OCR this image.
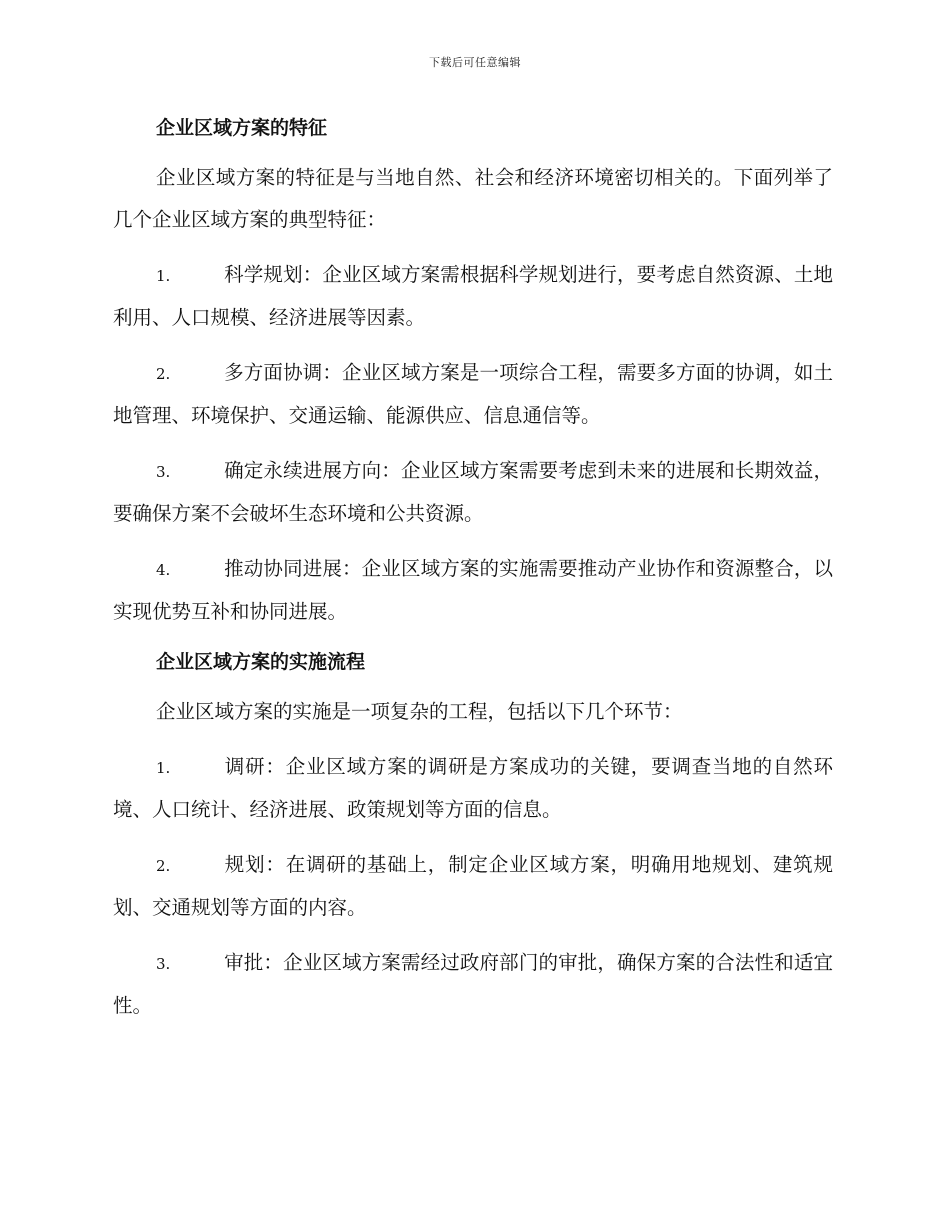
下载后可任意编辑
企业区域方案的特征

企业区域方案的特征是与当地自然、社会和经济环境密切相关的。下面列举了几个企业区域方案的典型特征：

1.	科学规划：企业区域方案需根据科学规划进行，要考虑自然资源、土地利用、人口规模、经济进展等因素。

2.	多方面协调：企业区域方案是一项综合工程，需要多方面的协调，如土地管理、环境保护、交通运输、能源供应、信息通信等。

3.	确定永续进展方向：企业区域方案需要考虑到未来的进展和长期效益，要确保方案不会破坏生态环境和公共资源。

4.	推动协同进展：企业区域方案的实施需要推动产业协作和资源整合，以实现优势互补和协同进展。

企业区域方案的实施流程

企业区域方案的实施是一项复杂的工程，包括以下几个环节：

1.	调研：企业区域方案的调研是方案成功的关键，要调查当地的自然环境、人口统计、经济进展、政策规划等方面的信息。

2.	规划：在调研的基础上，制定企业区域方案，明确用地规划、建筑规划、交通规划等方面的内容。

3.	审批：企业区域方案需经过政府部门的审批，确保方案的合法性和适宜性。
